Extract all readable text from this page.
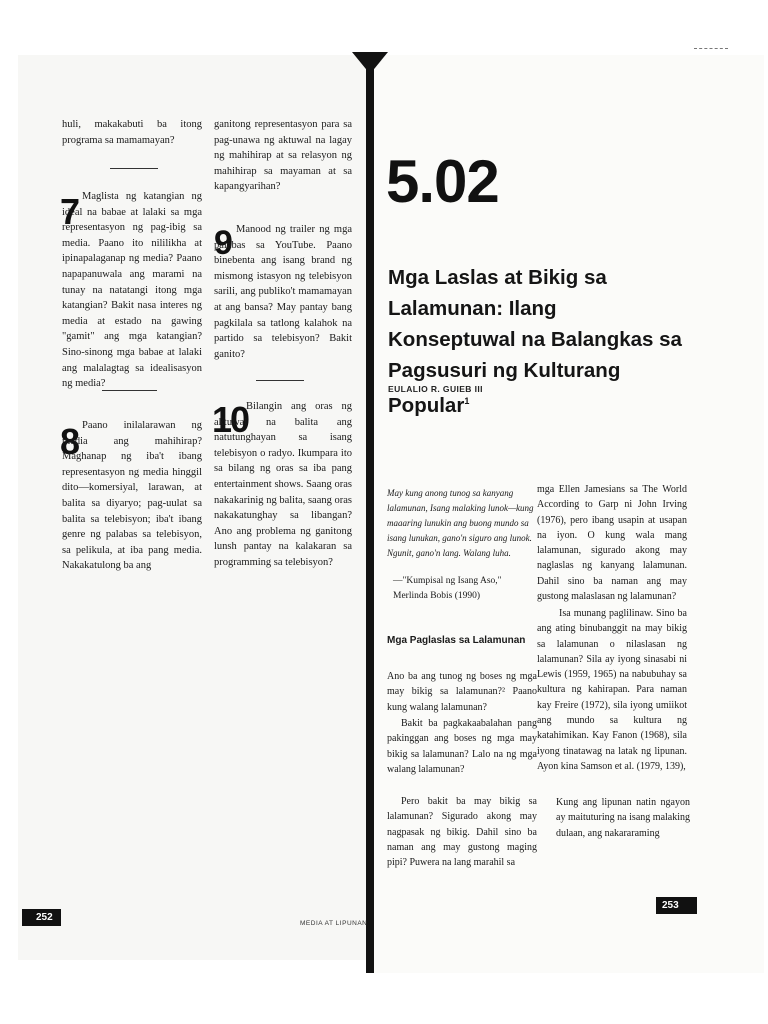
huli, makakabuti ba itong programa sa mamamayan?

7 Maglista ng katangian ng ideal na babae at lalaki sa mga representasyon ng pag-ibig sa media. Paano ito nililikha at ipinapalaganap ng media? Paano napapanuwala ang marami na tunay na natatangi itong mga katangian? Bakit nasa interes ng media at estado na gawing "gamit" ang mga katangian? Sino-sinong mga babae at lalaki ang malalagtag sa idealisasyon ng media?

8 Paano inilalarawan ng media ang mahihirap? Maghanap ng iba't ibang representasyon ng media hinggil dito—komersiyal, larawan, at balita sa diyaryo; pag-uulat sa balita sa telebisyon; iba't ibang genre ng palabas sa telebisyon, sa pelikula, at iba pang media. Nakakatulong ba ang

ganitong representasyon para sa pag-unawa ng aktuwal na lagay ng mahihirap at sa relasyon ng mahihirap sa mayaman at sa kapangyarihan?

9 Manood ng trailer ng mga palabas sa YouTube. Paano binebenta ang isang brand ng mismong istasyon ng telebisyon sarili, ang publiko't mamamayan at ang bansa? May pantay bang pagkilala sa tatlong kalahok na partido sa telebisyon? Bakit ganito?

10

Bilangin ang oras ng aktuwal na balita ang natutunghayan sa isang telebisyon o radyo. Ikumpara ito sa bilang ng oras sa iba pang entertainment shows. Saang oras nakakarinig ng balita, saang oras nakakatunghay sa libangan? Ano ang problema ng ganitong lunsh pantay na kalakaran sa programming sa telebisyon?

252
MEDIA AT LIPUNAN
5.02
Mga Laslas at Bikig sa Lalamunan: Ilang Konseptuwal na Balangkas sa Pagsusuri ng Kulturang Popular$^1$
EULALIO R. GUIEB III

May kung anong tunog sa kanyang lalamunan, Isang malaking lunok—kung maaaring lunukin ang buong mundo sa isang lunukan, gano'n siguro ang lunok. Ngunit, gano'n lang. Walang luha.

—"Kumpisal ng Isang Aso," Merlinda Bobis (1990)

Mga Paglaslas sa Lalamunan

Ano ba ang tunog ng boses ng mga may bikig sa lalamunan?² Paano kung walang lalamunan?

Bakit ba pagkakaabalahan pang pakinggan ang boses ng mga may bikig sa lalamunan? Lalo na ng mga walang lalamunan?

Pero bakit ba may bikig sa lalamunan? Sigurado akong may nagpasak ng bikig. Dahil sino ba naman ang may gustong maging pipi? Puwera na lang marahil sa

mga Ellen Jamesians sa The World According to Garp ni John Irving (1976), pero ibang usapin at usapan na iyon. O kung wala mang lalamunan, sigurado akong may naglaslas ng kanyang lalamunan. Dahil sino ba naman ang may gustong malaslasan ng lalamunan?

Isa munang paglilinaw. Sino ba ang ating binubanggit na may bikig sa lalamunan o nilaslasan ng lalamunan? Sila ay iyong sinasabi ni Lewis (1959, 1965) na nabubuhay sa kultura ng kahirapan. Para naman kay Freire (1972), sila iyong umiikot ang mundo sa kultura ng katahimikan. Kay Fanon (1968), sila iyong tinatawag na latak ng lipunan. Ayon kina Samson et al. (1979, 139),

Kung ang lipunan natin ngayon ay maituturing na isang malaking dulaan, ang nakararaming

253
